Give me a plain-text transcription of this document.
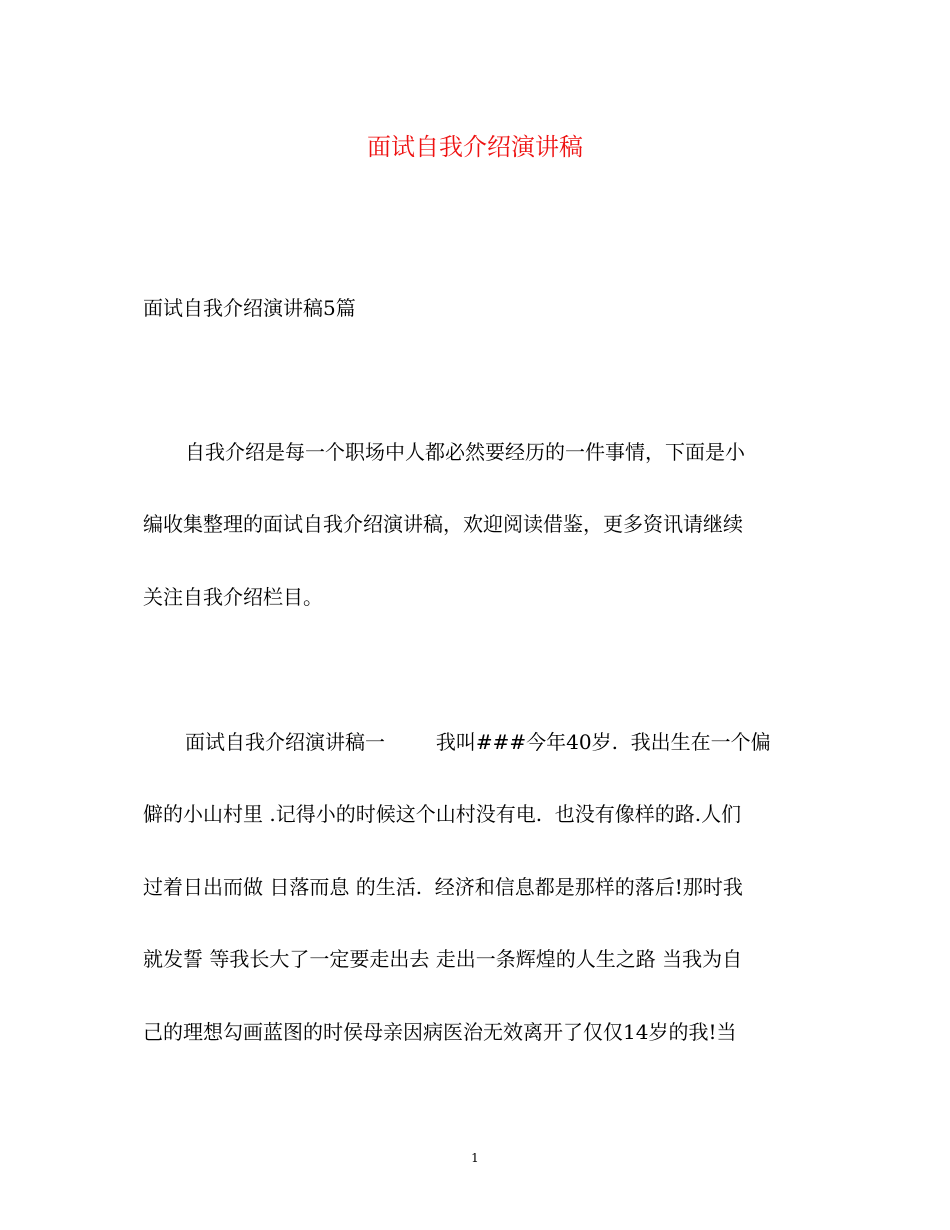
面试自我介绍演讲稿

面试自我介绍演讲稿5篇

自我介绍是每一个职场中人都必然要经历的一件事情，下面是小
编收集整理的面试自我介绍演讲稿，欢迎阅读借鉴，更多资讯请继续
关注自我介绍栏目。
面试自我介绍演讲稿一        我叫###今年40岁.  我出生在一个偏
僻的小山村里 .记得小的时候这个山村没有电.  也没有像样的路.人们
过着日出而做 日落而息 的生活.  经济和信息都是那样的落后!那时我
就发誓 等我长大了一定要走出去 走出一条辉煌的人生之路 当我为自
己的理想勾画蓝图的时侯母亲因病医治无效离开了仅仅14岁的我!当
1
